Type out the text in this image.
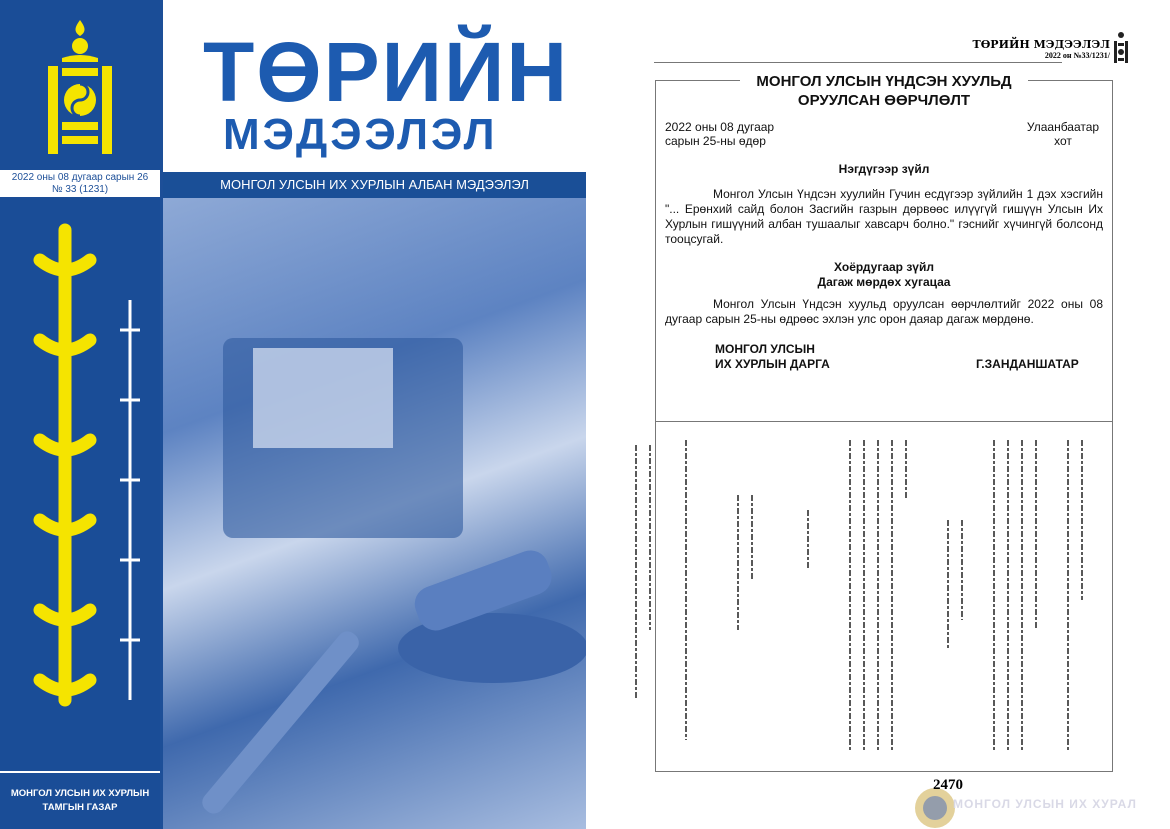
2022 оны 08 дугаар сарын 26
№ 33 (1231)
ТӨРИЙН
МЭДЭЭЛЭЛ
МОНГОЛ УЛСЫН ИХ ХУРЛЫН АЛБАН МЭДЭЭЛЭЛ
МОНГОЛ УЛСЫН ИХ ХУРЛЫН
ТАМГЫН ГАЗАР
ТӨРИЙН МЭДЭЭЛЭЛ
2022 он №33/1231/
МОНГОЛ УЛСЫН ҮНДСЭН ХУУЛЬД
ОРУУЛСАН ӨӨРЧЛӨЛТ
2022 оны 08 дугаар
сарын 25-ны өдөр
Улаанбаатар
хот
Нэгдүгээр зүйл

Монгол Улсын Үндсэн хуулийн Гучин есдүгээр зүйлийн 1 дэх хэсгийн "... Ерөнхий сайд болон Засгийн газрын дөрвөөс илүүгүй гишүүн Улсын Их Хурлын гишүүний албан тушаалыг хавсарч болно." гэснийг хүчингүй болсонд тооцсугай.

Хоёрдугаар зүйл
Дагаж мөрдөх хугацаа

Монгол Улсын Үндсэн хуульд оруулсан өөрчлөлтийг 2022 оны 08 дугаар сарын 25-ны өдрөөс эхлэн улс орон даяар дагаж мөрдөнө.

МОНГОЛ УЛСЫН
ИХ ХУРЛЫН ДАРГА	Г.ЗАНДАНШАТАР
МОНГОЛ УЛСЫН ИХ ХУРАЛ
2470
